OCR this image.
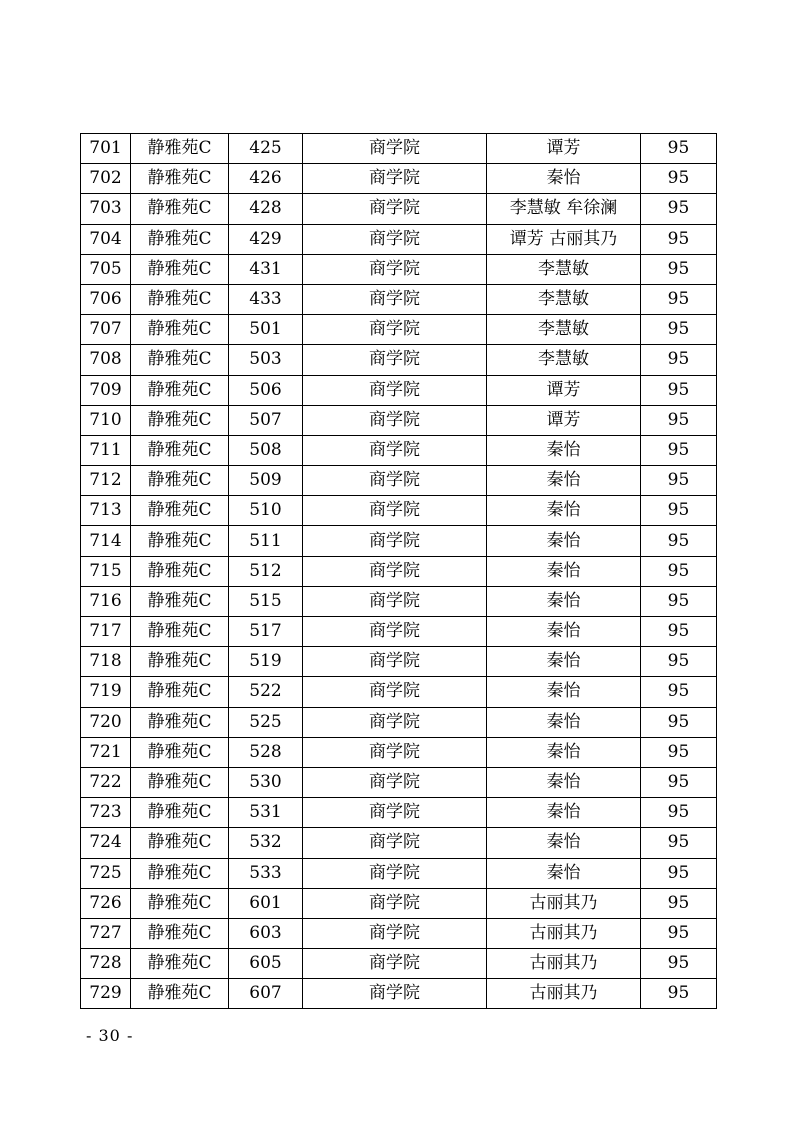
701	静雅苑C	425	商学院	谭芳	95
702	静雅苑C	426	商学院	秦怡	95
703	静雅苑C	428	商学院	李慧敏 牟徐澜	95
704	静雅苑C	429	商学院	谭芳 古丽其乃	95
705	静雅苑C	431	商学院	李慧敏	95
706	静雅苑C	433	商学院	李慧敏	95
707	静雅苑C	501	商学院	李慧敏	95
708	静雅苑C	503	商学院	李慧敏	95
709	静雅苑C	506	商学院	谭芳	95
710	静雅苑C	507	商学院	谭芳	95
711	静雅苑C	508	商学院	秦怡	95
712	静雅苑C	509	商学院	秦怡	95
713	静雅苑C	510	商学院	秦怡	95
714	静雅苑C	511	商学院	秦怡	95
715	静雅苑C	512	商学院	秦怡	95
716	静雅苑C	515	商学院	秦怡	95
717	静雅苑C	517	商学院	秦怡	95
718	静雅苑C	519	商学院	秦怡	95
719	静雅苑C	522	商学院	秦怡	95
720	静雅苑C	525	商学院	秦怡	95
721	静雅苑C	528	商学院	秦怡	95
722	静雅苑C	530	商学院	秦怡	95
723	静雅苑C	531	商学院	秦怡	95
724	静雅苑C	532	商学院	秦怡	95
725	静雅苑C	533	商学院	秦怡	95
726	静雅苑C	601	商学院	古丽其乃	95
727	静雅苑C	603	商学院	古丽其乃	95
728	静雅苑C	605	商学院	古丽其乃	95
729	静雅苑C	607	商学院	古丽其乃	95
- 30 -
